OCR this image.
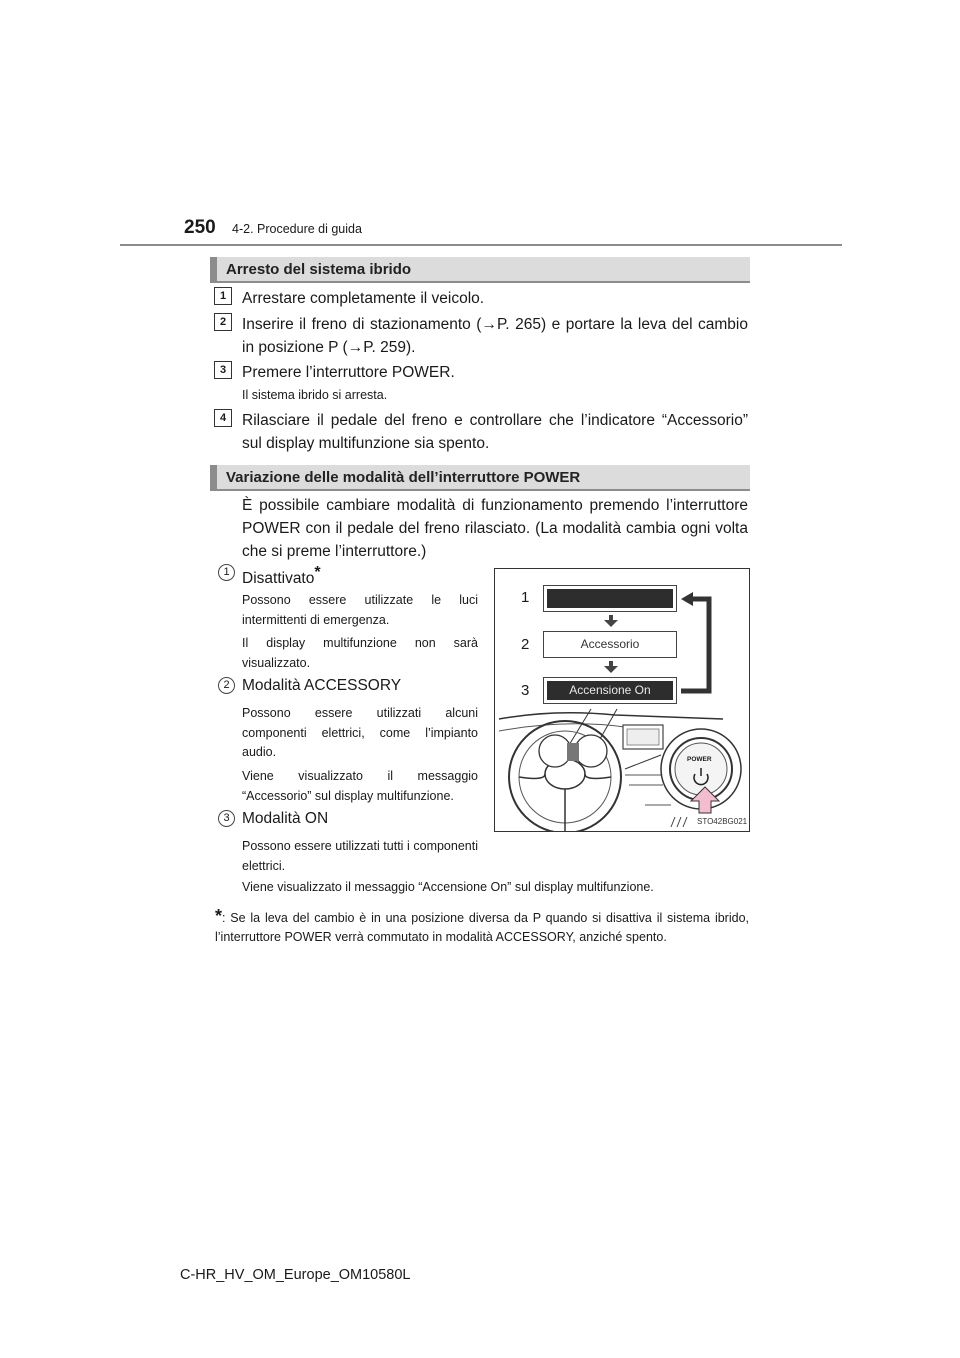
250 4-2. Procedure di guida
Arresto del sistema ibrido
1	Arrestare completamente il veicolo.
2	Inserire il freno di stazionamento (→P. 265) e portare la leva del cambio in posizione P (→P. 259).
3	Premere l’interruttore POWER.
Il sistema ibrido si arresta.
4	Rilasciare il pedale del freno e controllare che l’indicatore “Accessorio” sul display multifunzione sia spento.
Variazione delle modalità dell’interruttore POWER
È possibile cambiare modalità di funzionamento premendo l’interruttore POWER con il pedale del freno rilasciato. (La modalità cambia ogni volta che si preme l’interruttore.)
1 Disattivato*
Possono essere utilizzate le luci intermittenti di emergenza.
Il display multifunzione non sarà visualizzato.
2 Modalità ACCESSORY
Possono essere utilizzati alcuni componenti elettrici, come l’impianto audio.
Viene visualizzato il messaggio “Accessorio” sul display multifunzione.
3 Modalità ON
Possono essere utilizzati tutti i componenti elettrici.
Viene visualizzato il messaggio “Accensione On” sul display multifunzione.
*: Se la leva del cambio è in una posizione diversa da P quando si disattiva il sistema ibrido, l’interruttore POWER verrà commutato in modalità ACCESSORY, anziché spento.
1
2
3
Accessorio
Accensione On
POWER
STO42BG021
C-HR_HV_OM_Europe_OM10580L
